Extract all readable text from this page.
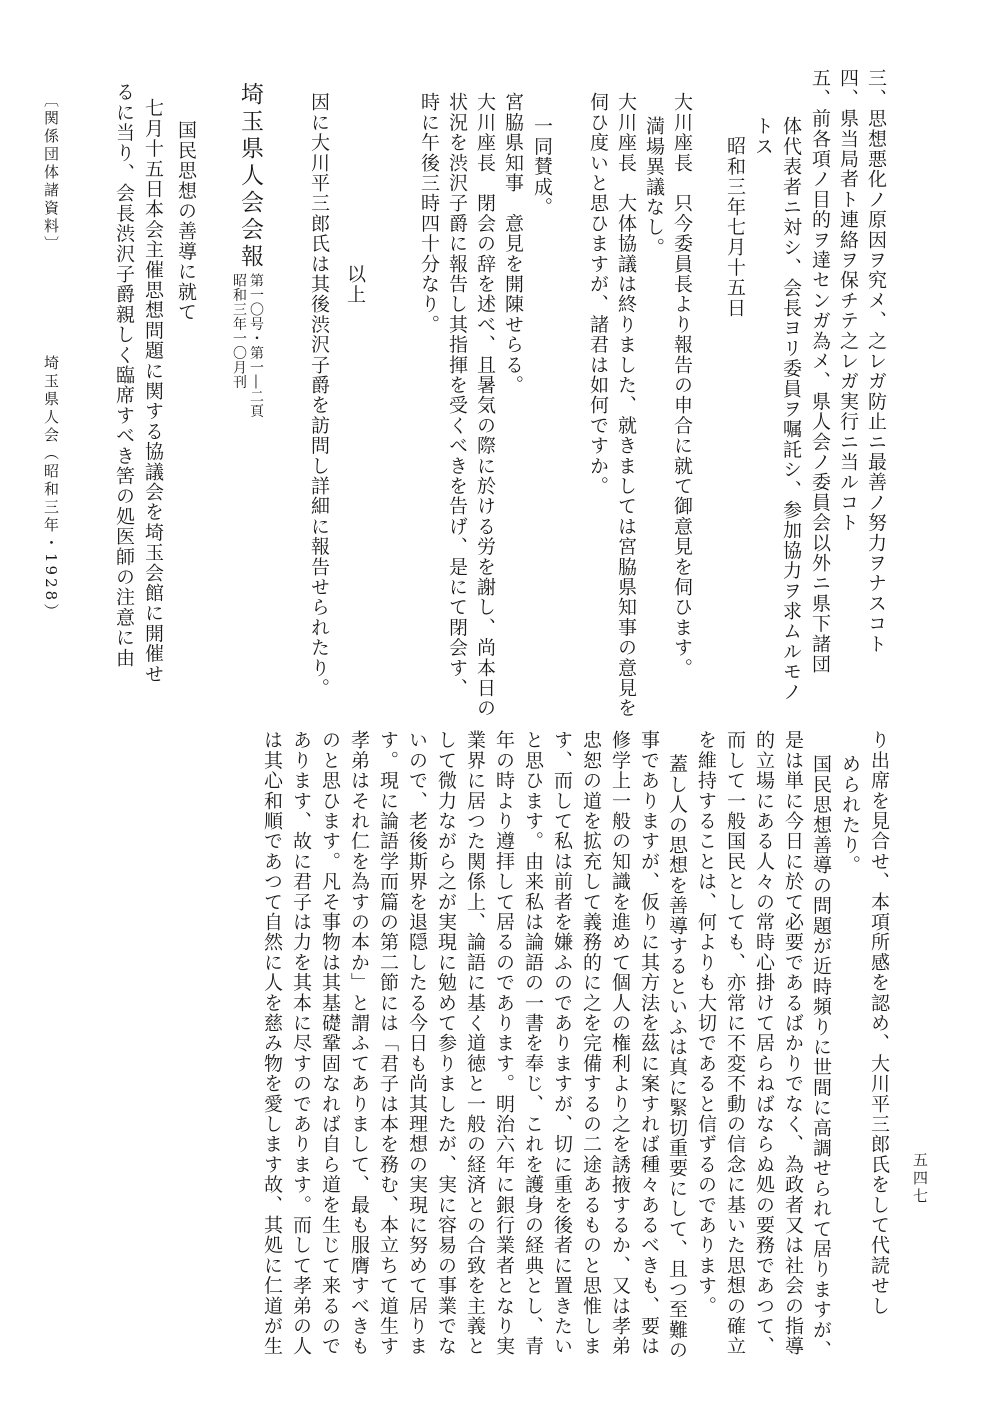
三、思想悪化ノ原因ヲ究メ、之レガ防止ニ最善ノ努力ヲナスコト
四、県当局者ト連絡ヲ保チテ之レガ実行ニ当ルコト
五、前各項ノ目的ヲ達センガ為メ、県人会ノ委員会以外ニ県下諸団
体代表者ニ対シ、会長ヨリ委員ヲ嘱託シ、参加協力ヲ求ムルモノ
トス
昭和三年七月十五日
大川座長　只今委員長より報告の申合に就て御意見を伺ひます。
満場異議なし。
大川座長　大体協議は終りました、就きましては宮脇県知事の意見を
伺ひ度いと思ひますが、諸君は如何ですか。
一同賛成。
宮脇県知事　意見を開陳せらる。
大川座長　閉会の辞を述べ、且暑気の際に於ける労を謝し、尚本日の
状況を渋沢子爵に報告し其指揮を受くべきを告げ、是にて閉会す、
時に午後三時四十分なり。
以上
因に大川平三郎氏は其後渋沢子爵を訪問し詳細に報告せられたり。
埼玉県人会会報
第一〇号・第一―二頁
昭和三年一〇月刊
国民思想の善導に就て
七月十五日本会主催思想問題に関する協議会を埼玉会館に開催せ
るに当り、会長渋沢子爵親しく臨席すべき筈の処医師の注意に由
〔関係団体諸資料〕
埼玉県人会（昭和三年・1928）
五四七
り出席を見合せ、本項所感を認め、大川平三郎氏をして代読せし
められたり。
国民思想善導の問題が近時頻りに世間に高調せられて居りますが、
是は単に今日に於て必要であるばかりでなく、為政者又は社会の指導
的立場にある人々の常時心掛けて居らねばならぬ処の要務であつて、
而して一般国民としても、亦常に不変不動の信念に基いた思想の確立
を維持することは、何よりも大切であると信ずるのであります。
蓋し人の思想を善導するといふは真に緊切重要にして、且つ至難の
事でありますが、仮りに其方法を茲に案すれば種々あるべきも、要は
修学上一般の知識を進めて個人の権利より之を誘掖するか、又は孝弟
忠恕の道を拡充して義務的に之を完備するの二途あるものと思惟しま
す、而して私は前者を嫌ふのでありますが、切に重を後者に置きたい
と思ひます。由来私は論語の一書を奉じ、これを護身の経典とし、青
年の時より遵拝して居るのであります。明治六年に銀行業者となり実
業界に居つた関係上、論語に基く道徳と一般の経済との合致を主義と
して微力ながら之が実現に勉めて参りましたが、実に容易の事業でな
いので、老後斯界を退隠したる今日も尚其理想の実現に努めて居りま
す。現に論語学而篇の第二節には「君子は本を務む、本立ちて道生す
孝弟はそれ仁を為すの本か」と謂ふてありまして、最も服膺すべきも
のと思ひます。凡そ事物は其基礎鞏固なれば自ら道を生じて来るので
あります、故に君子は力を其本に尽すのであります。而して孝弟の人
は其心和順であつて自然に人を慈み物を愛します故、其処に仁道が生
